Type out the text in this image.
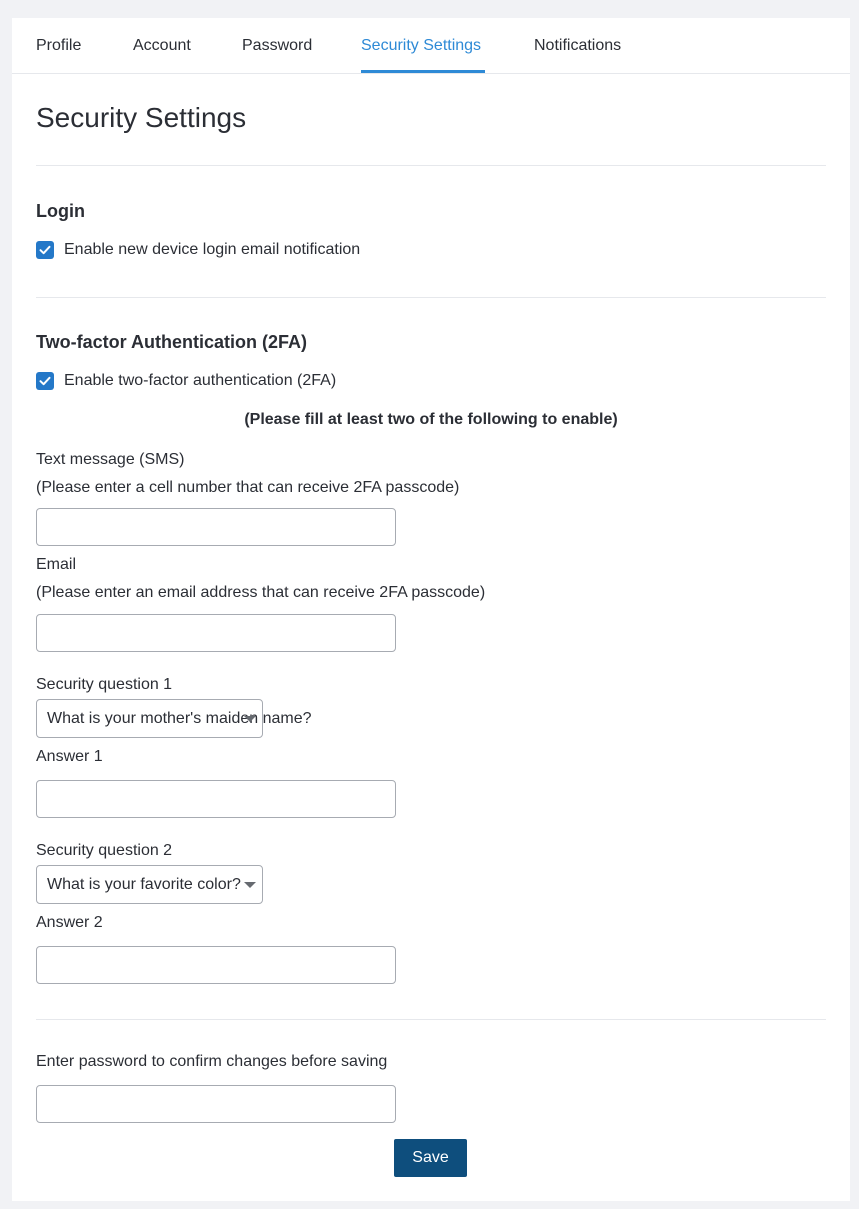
Profile	Account	Password	Security Settings	Notifications
Security Settings
Login
Enable new device login email notification
Two-factor Authentication (2FA)
Enable two-factor authentication (2FA)
(Please fill at least two of the following to enable)
Text message (SMS)
(Please enter a cell number that can receive 2FA passcode)
Email
(Please enter an email address that can receive 2FA passcode)
Security question 1
What is your mother's maiden name?
Answer 1
Security question 2
What is your favorite color?
Answer 2
Enter password to confirm changes before saving
Save
